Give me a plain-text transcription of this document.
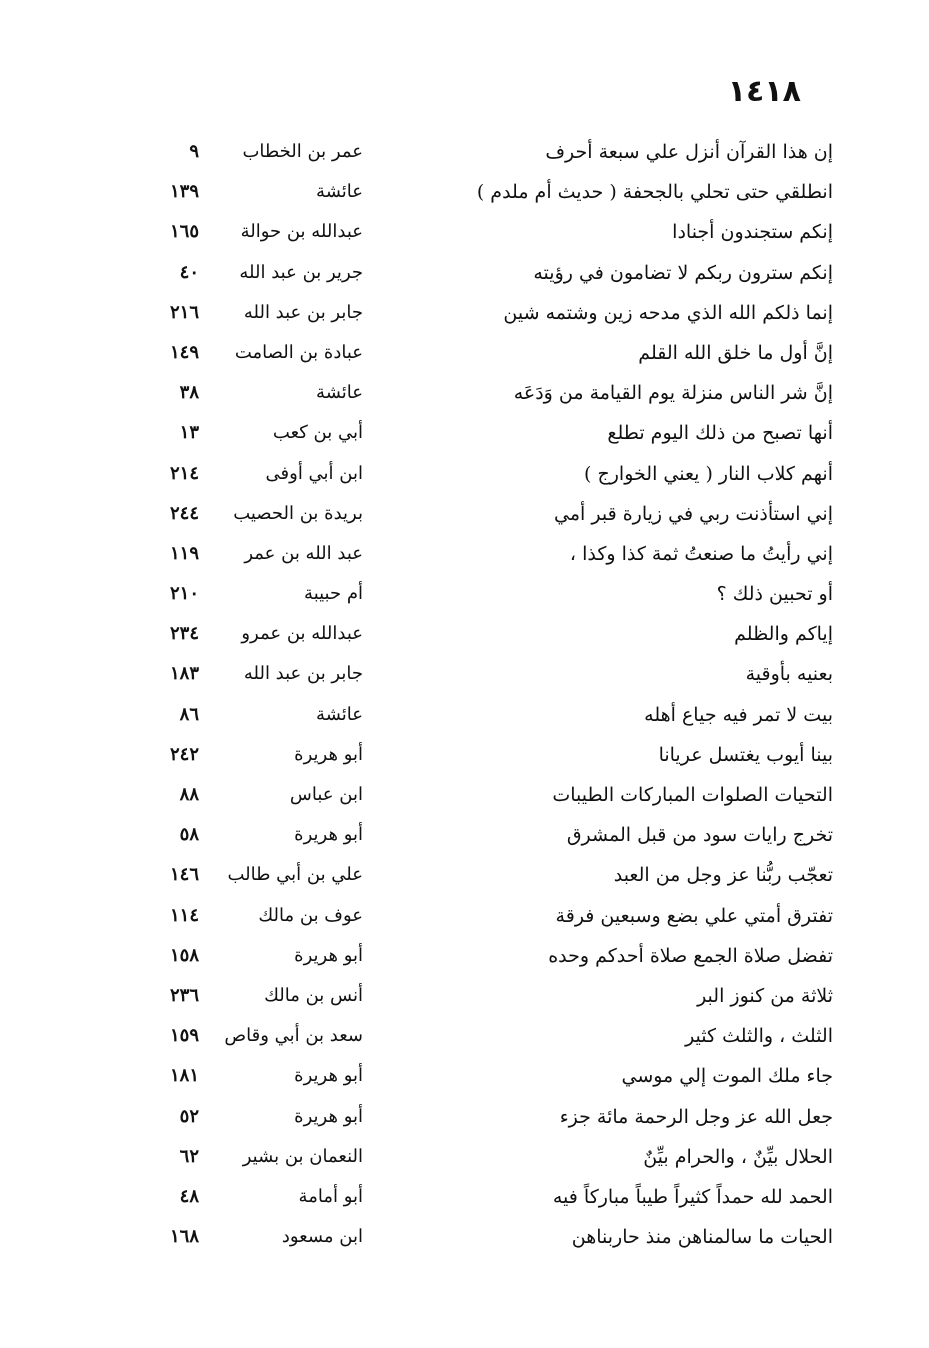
١٤١٨
إن هذا القرآن أنزل علي سبعة أحرف
عمر بن الخطاب
٩
انطلقي حتى تحلي بالجحفة ( حديث أم ملدم )
عائشة
١٣٩
إنكم ستجندون أجنادا
عبدالله بن حوالة
١٦٥
إنكم سترون ربكم لا تضامون في رؤيته
جرير بن عبد الله
٤٠
إنما ذلكم الله الذي مدحه زين وشتمه شين
جابر بن عبد الله
٢١٦
إنَّ أول ما خلق الله القلم
عبادة بن الصامت
١٤٩
إنَّ شر الناس منزلة يوم القيامة من وَدَعَه
عائشة
٣٨
أنها تصبح من ذلك اليوم تطلع
أبي بن كعب
١٣
أنهم كلاب النار ( يعني الخوارج )
ابن أبي أوفى
٢١٤
إني استأذنت ربي في زيارة قبر أمي
بريدة بن الحصيب
٢٤٤
إني رأيتُ ما صنعتُ ثمة كذا وكذا ،
عبد الله بن عمر
١١٩
أو تحبين ذلك ؟
أم حبيبة
٢١٠
إياكم والظلم
عبدالله بن عمرو
٢٣٤
بعنيه بأوقية
جابر بن عبد الله
١٨٣
بيت لا تمر فيه جياع أهله
عائشة
٨٦
بينا أيوب يغتسل عريانا
أبو هريرة
٢٤٢
التحيات الصلوات المباركات الطيبات
ابن عباس
٨٨
تخرج رايات سود من قبل المشرق
أبو هريرة
٥٨
تعجّب ربُّنا عز وجل من العبد
علي بن أبي طالب
١٤٦
تفترق أمتي علي بضع وسبعين فرقة
عوف بن مالك
١١٤
تفضل صلاة الجمع صلاة أحدكم وحده
أبو هريرة
١٥٨
ثلاثة من كنوز البر
أنس بن مالك
٢٣٦
الثلث ، والثلث كثير
سعد بن أبي وقاص
١٥٩
جاء ملك الموت إلي موسي
أبو هريرة
١٨١
جعل الله عز وجل الرحمة مائة جزء
أبو هريرة
٥٢
الحلال بيِّنٌ ، والحرام بيِّنٌ
النعمان بن بشير
٦٢
الحمد لله حمداً كثيراً طيباً مباركاً فيه
أبو أمامة
٤٨
الحيات ما سالمناهن منذ حاربناهن
ابن مسعود
١٦٨
